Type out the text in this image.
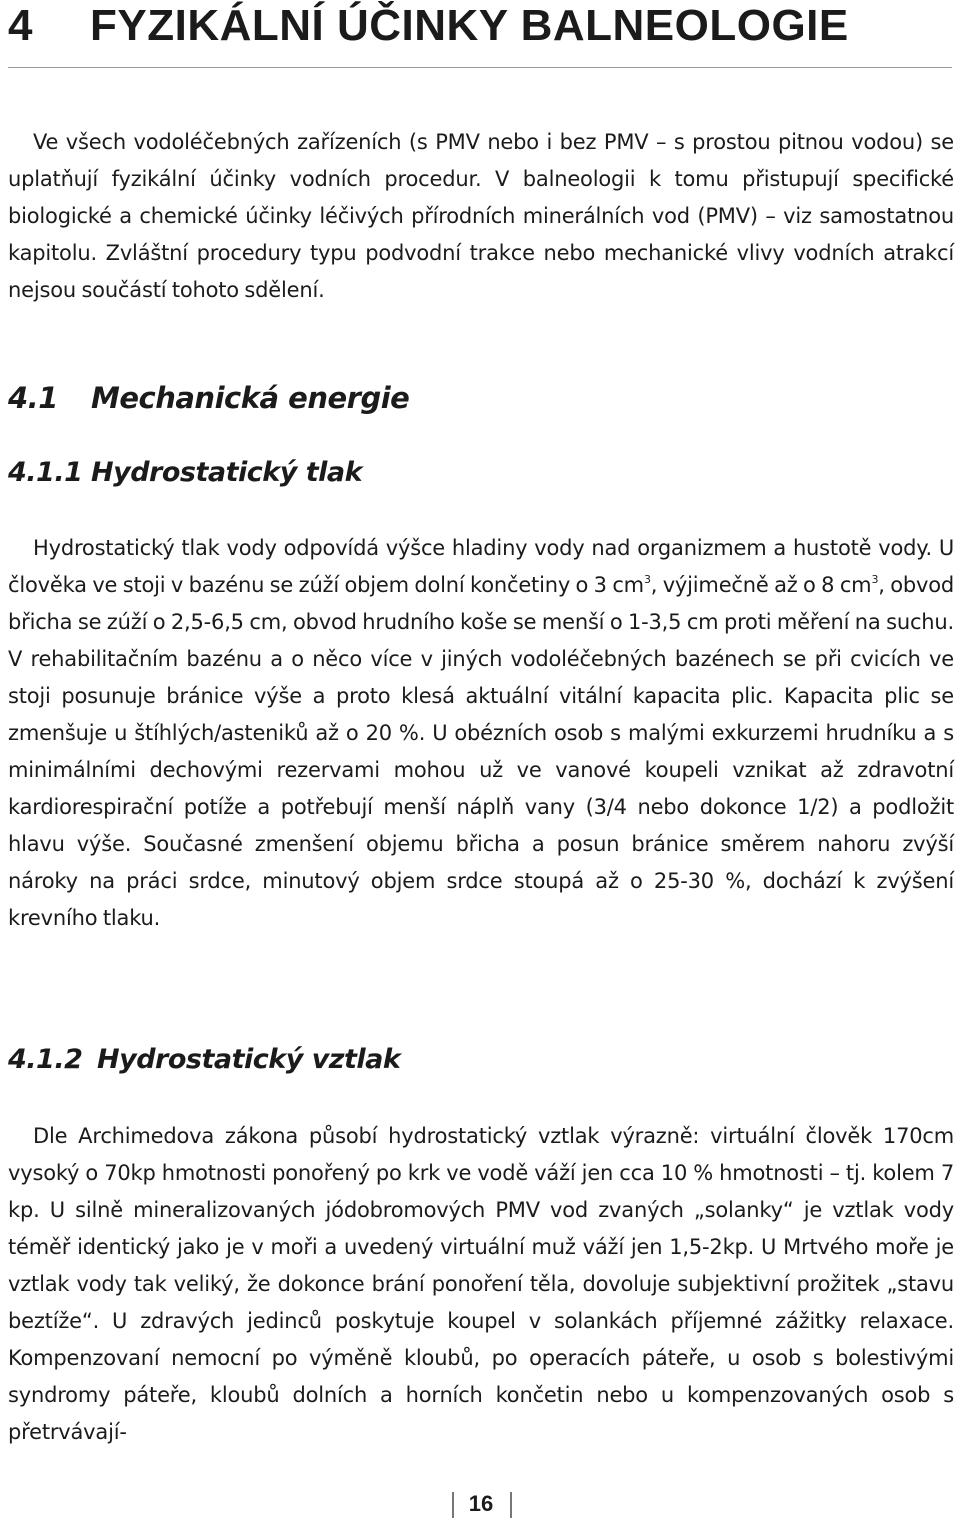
4 FYZIKÁLNÍ ÚČINKY BALNEOLOGIE

Ve všech vodoléčebných zařízeních (s PMV nebo i bez PMV – s prostou pitnou vodou) se uplatňují fyzikální účinky vodních procedur. V balneologii k tomu přistupují specifické biologické a chemické účinky léčivých přírodních minerálních vod (PMV) – viz samostatnou kapitolu. Zvláštní procedury typu podvodní trakce nebo mechanické vlivy vodních atrakcí nejsou součástí tohoto sdělení.

4.1 Mechanická energie
4.1.1 Hydrostatický tlak

Hydrostatický tlak vody odpovídá výšce hladiny vody nad organizmem a hustotě vody. U člověka ve stoji v bazénu se zúží objem dolní končetiny o 3 $cm^3$, výjimečně až o 8 $cm^3$, obvod břicha se zúží o 2,5-6,5 cm, obvod hrudního koše se menší o 1-3,5 cm proti měření na suchu. V rehabilitačním bazénu a o něco více v jiných vodoléčebných bazénech se při cvicích ve stoji posunuje bránice výše a proto klesá aktuální vitální kapacita plic. Kapacita plic se zmenšuje u štíhlých/asteniků až o 20 %. U obézních osob s malými exkurzemi hrudníku a s minimálními dechovými rezervami mohou už ve vanové koupeli vznikat až zdravotní kardiorespirační potíže a potřebují menší náplň vany (3/4 nebo dokonce 1/2) a podložit hlavu výše. Současné zmenšení objemu břicha a posun bránice směrem nahoru zvýší nároky na práci srdce, minutový objem srdce stoupá až o 25-30 %, dochází k zvýšení krevního tlaku.

4.1.2 Hydrostatický vztlak

Dle Archimedova zákona působí hydrostatický vztlak výrazně: virtuální člověk 170cm vysoký o 70kp hmotnosti ponořený po krk ve vodě váží jen cca 10 % hmotnosti – tj. kolem 7 kp. U silně mineralizovaných jódobromových PMV vod zvaných „solanky“ je vztlak vody téměř identický jako je v moři a uvedený virtuální muž váží jen 1,5-2kp. U Mrtvého moře je vztlak vody tak veliký, že dokonce brání ponoření těla, dovoluje subjektivní prožitek „stavu beztíže“. U zdravých jedinců poskytuje koupel v solankách příjemné zážitky relaxace. Kompenzovaní nemocní po výměně kloubů, po operacích páteře, u osob s bolestivými syndromy páteře, kloubů dolních a horních končetin nebo u kompenzovaných osob s přetrvávají-

16
